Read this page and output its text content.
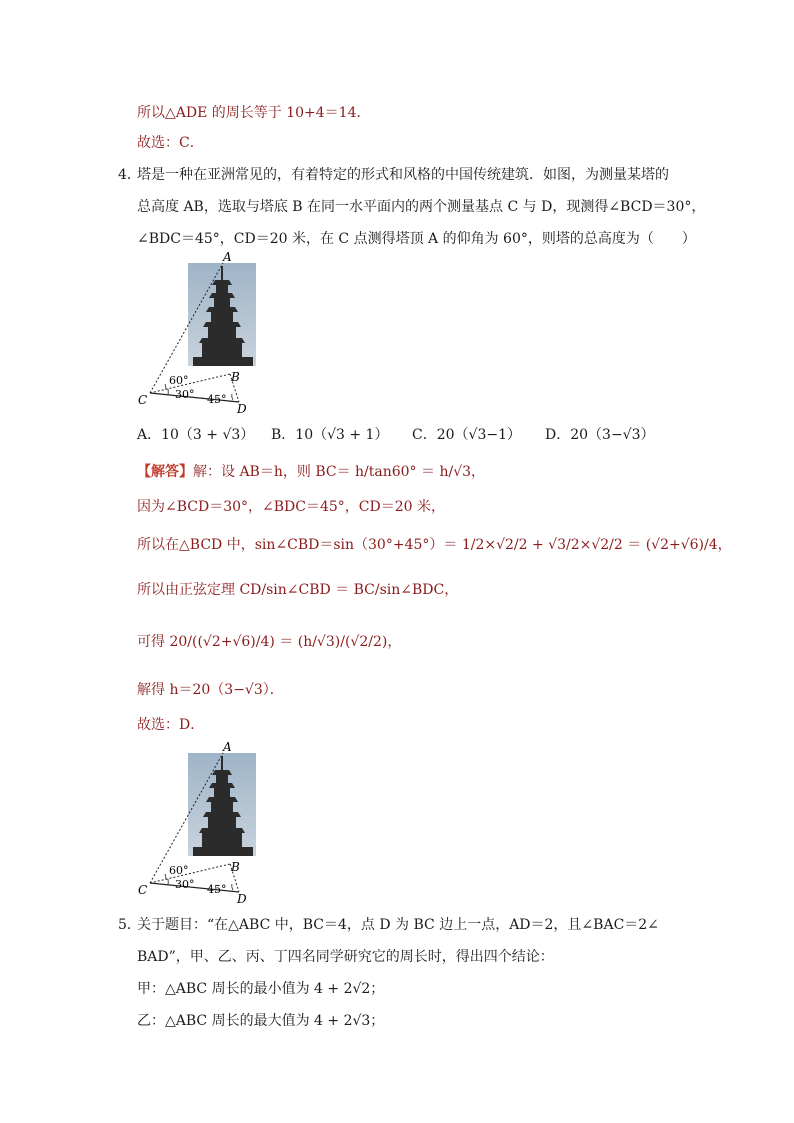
所以△ADE 的周长等于 10+4＝14．
故选：C．
4．
塔是一种在亚洲常见的，有着特定的形式和风格的中国传统建筑．如图，为测量某塔的
总高度 AB，选取与塔底 B 在同一水平面内的两个测量基点 C 与 D，现测得∠BCD＝30°，
∠BDC＝45°，CD＝20 米，在 C 点测得塔顶 A 的仰角为 60°，则塔的总高度为（　　）
A
B
C
D
60°
30° 45°
A．10（3 + √3） B．10（√3 + 1） C．20（√3−1） D．20（3−√3）
【解答】解：设 AB＝h，则 BC＝ h/tan60° ＝ h/√3，
因为∠BCD＝30°，∠BDC＝45°，CD＝20 米，
所以在△BCD 中，sin∠CBD＝sin（30°+45°）＝ 1/2×√2/2 + √3/2×√2/2 ＝ (√2+√6)/4，
所以由正弦定理 CD/sin∠CBD ＝ BC/sin∠BDC，
可得 20/((√2+√6)/4) ＝ (h/√3)/(√2/2)，
解得 h＝20（3−√3）．
故选：D．
A
B
C
D
60°
30° 45°
5．
关于题目：“在△ABC 中，BC＝4，点 D 为 BC 边上一点，AD＝2，且∠BAC＝2∠
BAD”，甲、乙、丙、丁四名同学研究它的周长时，得出四个结论：
甲：△ABC 周长的最小值为 4 + 2√2；
乙：△ABC 周长的最大值为 4 + 2√3；
